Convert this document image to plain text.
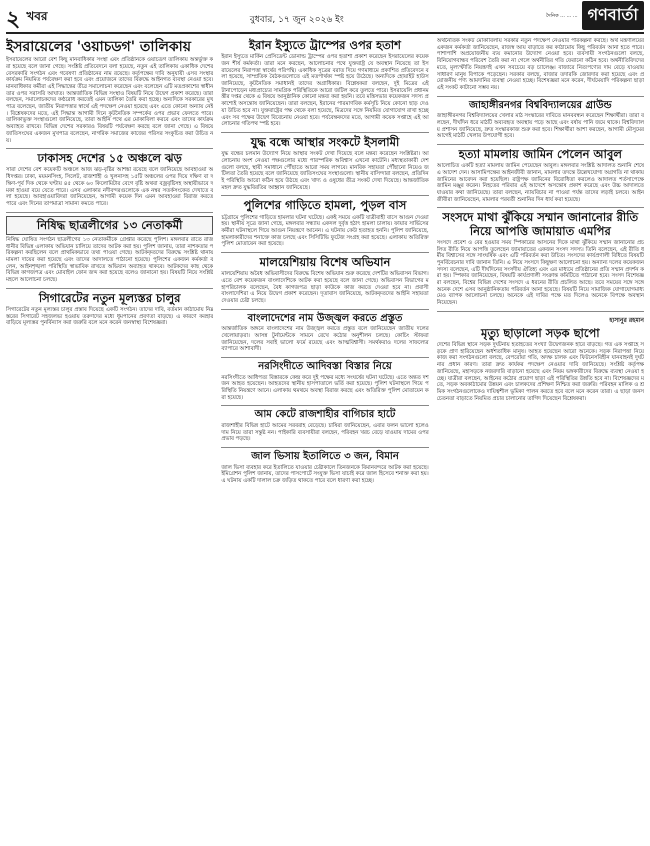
২ খবর	বুধবার, ১৭ জুন ২০২৬ ইং	দৈনিক ... ... ... গণবার্তা
ইসরায়েলের 'ওয়াচডগ' তালিকায়

ইসরায়েলের আরো বেশ কিছু মানবাধিকার সংস্থা এবং প্রতিষ্ঠানকে ওয়াচডগ তালিকায় অন্তর্ভুক্ত করা হয়েছে বলে জানা গেছে। সংশ্লিষ্ট প্রতিবেদনে বলা হয়েছে, নতুন এই তালিকায় একাধিক দেশের বেসরকারি সংগঠন এবং গবেষণা প্রতিষ্ঠানের নাম রয়েছে। কর্তৃপক্ষের দাবি অনুযায়ী এসব সংস্থার কার্যক্রম নিয়মিত পর্যবেক্ষণ করা হবে এবং প্রয়োজনে তাদের বিরুদ্ধে আইনগত ব্যবস্থা নেওয়া হবে। মানবাধিকার কর্মীরা এই সিদ্ধান্তের তীব্র সমালোচনা করেছেন এবং বলেছেন এটি মতপ্রকাশের স্বাধীনতার ওপর সরাসরি আঘাত। আন্তর্জাতিক বিভিন্ন সংস্থাও বিষয়টি নিয়ে উদ্বেগ প্রকাশ করেছে। তারা বলছেন, সমালোচকদের কণ্ঠরোধ করতেই এমন তালিকা তৈরি করা হচ্ছে। অন্যদিকে সরকারের মুখপাত্র বলেছেন, জাতীয় নিরাপত্তার স্বার্থে এই পদক্ষেপ নেওয়া হয়েছে এবং এতে কোনো অন্যায় নেই। বিশ্লেষকদের মতে, এই সিদ্ধান্ত আগামী দিনে কূটনৈতিক সম্পর্কের ওপর প্রভাব ফেলতে পারে। তালিকাভুক্ত সংস্থাগুলো জানিয়েছে, তারা আইনি পথে এর মোকাবিলা করবে এবং তাদের কার্যক্রম অব্যাহত রাখবে। বিভিন্ন দেশের সরকারও বিষয়টি পর্যবেক্ষণ করছে বলে জানা গেছে। এ বিষয়ে জাতিসংঘের একজন মুখপাত্র বলেছেন, নাগরিক সমাজের কাজের পরিসর সংকুচিত করা উচিত নয়।

ঢাকাসহ দেশের ১৫ অঞ্চলে ঝড়

সারা দেশের বেশ কয়েকটি অঞ্চলে আজ ঝড়-বৃষ্টির আশঙ্কা রয়েছে বলে জানিয়েছে আবহাওয়া অধিদপ্তর। ঢাকা, ময়মনসিংহ, সিলেট, রাজশাহী ও খুলনাসহ ১৫টি অঞ্চলের ওপর দিয়ে দক্ষিণ বা দক্ষিণ-পূর্ব দিক থেকে ঘণ্টায় ৪৫ থেকে ৬০ কিলোমিটার বেগে বৃষ্টি অথবা বজ্রবৃষ্টিসহ অস্থায়ীভাবে দমকা হাওয়া বয়ে যেতে পারে। এসব এলাকার নদীবন্দরগুলোকে এক নম্বর সতর্কসংকেত দেখাতে বলা হয়েছে। আবহাওয়াবিদরা জানিয়েছেন, আগামী কয়েক দিন এমন আবহাওয়া বিরাজ করতে পারে এবং দিনের তাপমাত্রা সামান্য কমতে পারে।

নিষিদ্ধ ছাত্রলীগের ১৩ নেতাকর্মী

নিষিদ্ধ ঘোষিত সংগঠন ছাত্রলীগের ১৩ নেতাকর্মীকে গ্রেপ্তার করেছে পুলিশ। মঙ্গলবার রাতে রাজধানীর বিভিন্ন এলাকায় অভিযান চালিয়ে তাদের আটক করা হয়। পুলিশ জানায়, তারা নাশকতার পরিকল্পনা করছিলেন বলে প্রাথমিকভাবে তথ্য পাওয়া গেছে। আটককৃতদের বিরুদ্ধে সংশ্লিষ্ট থানায় মামলা দায়ের করা হয়েছে এবং তাদের আদালতে পাঠানো হয়েছে। পুলিশের একজন কর্মকর্তা বলেন, আইনশৃঙ্খলা পরিস্থিতি স্বাভাবিক রাখতে অভিযান অব্যাহত থাকবে। আটকদের কাছ থেকে বিভিন্ন কাগজপত্র এবং মোবাইল ফোন জব্দ করা হয়েছে বলেও জানানো হয়। বিষয়টি নিয়ে সংশ্লিষ্ট মহলে আলোচনা চলছে।

সিগারেটের নতুন মূল্যস্তর চালুর

সিগারেটের নতুন মূল্যস্তর চালুর প্রস্তাব দিয়েছে একটি সংগঠন। তাদের দাবি, বর্তমান কাঠামোয় নিম্নস্তরের সিগারেট সহজলভ্য হওয়ায় তরুণদের মধ্যে ধূমপানের প্রবণতা বাড়ছে। এ কারণে করহার বাড়িয়ে মূল্যস্তর পুনর্বিন্যাস করা জরুরি বলে মনে করেন জনস্বাস্থ্য বিশেষজ্ঞরা।

ইরান ইস্যুতে ট্রাম্পের ওপর হতাশ

ইরান ইস্যুতে মার্কিন প্রেসিডেন্ট ডোনাল্ড ট্রাম্পের ওপর হতাশা প্রকাশ করেছেন ইসরায়েলের কয়েকজন শীর্ষ কর্মকর্তা। তারা মনে করছেন, আলোচনার পথে যুক্তরাষ্ট্র যে অবস্থান নিয়েছে তা ইসরায়েলের নিরাপত্তা স্বার্থের পরিপন্থি। একাধিক সূত্রের বরাত দিয়ে গণমাধ্যমে প্রকাশিত প্রতিবেদনে বলা হয়েছে, সাম্প্রতিক বৈঠকগুলোতে এই মতপার্থক্য স্পষ্ট হয়ে উঠেছে। অন্যদিকে হোয়াইট হাউস জানিয়েছে, কূটনৈতিক সমাধানই তাদের অগ্রাধিকার। বিশ্লেষকরা বলছেন, দুই মিত্রের এই টানাপোড়েন মধ্যপ্রাচ্যের সামগ্রিক পরিস্থিতিকে আরো জটিল করে তুলতে পারে। ইসরায়েলি প্রধানমন্ত্রীর দপ্তর থেকে এ বিষয়ে আনুষ্ঠানিক কোনো মন্তব্য করা হয়নি। তবে মন্ত্রিসভার কয়েকজন সদস্য প্রকাশ্যেই অসন্তোষ জানিয়েছেন। তারা বলছেন, ইরানের পারমাণবিক কর্মসূচি নিয়ে কোনো ছাড় দেওয়া উচিত হবে না। যুক্তরাষ্ট্রের পক্ষ থেকে বলা হয়েছে, মিত্রদের সঙ্গে নিয়মিত যোগাযোগ রাখা হচ্ছে এবং সব পক্ষের উদ্বেগ বিবেচনায় নেওয়া হবে। পর্যবেক্ষকদের মতে, আগামী কয়েক সপ্তাহে এই আলোচনার গতিপথ স্পষ্ট হবে।

যুদ্ধ বন্ধে আস্থার সংকটে ইসলামী

যুদ্ধ বন্ধের চলমান উদ্যোগ নিয়ে আস্থার সংকট দেখা দিয়েছে বলে মন্তব্য করেছেন সংশ্লিষ্টরা। আলোচনায় অংশ নেওয়া পক্ষগুলোর মধ্যে পারস্পরিক অবিশ্বাস এখনো কাটেনি। মধ্যস্থতাকারী দেশগুলো বলছে, স্থায়ী সমাধানে পৌঁছাতে আরো সময় লাগবে। মানবিক সহায়তা পৌঁছানো নিয়েও জটিলতা তৈরি হয়েছে বলে জানিয়েছে জাতিসংঘের সংস্থাগুলো। স্থানীয় বাসিন্দারা বলছেন, প্রতিদিনই পরিস্থিতি আরো কঠিন হয়ে উঠছে এবং খাদ্য ও ওষুধের তীব্র সংকট দেখা দিয়েছে। আন্তর্জাতিক মহল দ্রুত যুদ্ধবিরতির আহ্বান জানিয়েছে।

পুলিশের গাড়িতে হামলা, পুড়ল বাস

চট্টগ্রামে পুলিশের গাড়িতে হামলার ঘটনা ঘটেছে। একই সময়ে একটি যাত্রীবাহী বাসে আগুন দেওয়া হয়। স্থানীয় সূত্রে জানা গেছে, মঙ্গলবার সন্ধ্যায় একদল দুর্বৃত্ত হঠাৎ হামলা চালায়। ফায়ার সার্ভিসের কর্মীরা ঘটনাস্থলে গিয়ে আগুন নিয়ন্ত্রণে আনেন। এ ঘটনায় কেউ হতাহত হননি। পুলিশ জানিয়েছে, হামলাকারীদের শনাক্তে কাজ চলছে এবং সিসিটিভি ফুটেজ সংগ্রহ করা হয়েছে। এলাকায় অতিরিক্ত পুলিশ মোতায়েন করা হয়েছে।

মালয়েশিয়ায় বিশেষ অভিযান

মালয়েশিয়ায় অবৈধ অভিবাসীদের বিরুদ্ধে বিশেষ অভিযান শুরু করেছে দেশটির অভিবাসন বিভাগ। এতে বেশ কয়েকজন বাংলাদেশিকে আটক করা হয়েছে বলে জানা গেছে। অভিবাসন বিভাগের মহাপরিচালক বলেছেন, বৈধ কাগজপত্র ছাড়া কাউকে কাজ করতে দেওয়া হবে না। প্রবাসী বাংলাদেশিরা এ নিয়ে উদ্বেগ প্রকাশ করেছেন। দূতাবাস জানিয়েছে, আটককৃতদের আইনি সহায়তা দেওয়ার চেষ্টা চলছে।

বাংলাদেশের নাম উজ্জ্বল করতে প্রস্তুত

আন্তর্জাতিক অঙ্গনে বাংলাদেশের নাম উজ্জ্বল করতে প্রস্তুত বলে জানিয়েছেন জাতীয় দলের খেলোয়াড়রা। আসন্ন টুর্নামেন্টকে সামনে রেখে কঠোর অনুশীলন চলছে। কোচিং স্টাফরা জানিয়েছেন, দলের সবাই ভালো ফর্মে রয়েছে এবং আত্মবিশ্বাসী। সমর্থকরাও দলের সাফল্যের ব্যাপারে আশাবাদী।

নরসিংদীতে আদিবস্তা বিস্তার নিয়ে

নরসিংদীতে আধিপত্য বিস্তারকে কেন্দ্র করে দুই পক্ষের মধ্যে সংঘর্ষের ঘটনা ঘটেছে। এতে অন্তত দশজন আহত হয়েছেন। আহতদের স্থানীয় হাসপাতালে ভর্তি করা হয়েছে। পুলিশ ঘটনাস্থলে গিয়ে পরিস্থিতি নিয়ন্ত্রণে আনে। এলাকায় থমথমে অবস্থা বিরাজ করছে এবং অতিরিক্ত পুলিশ মোতায়েন করা হয়েছে।

আম কেটে রাজশাহীর বাগিচার হাটে

রাজশাহীর বিভিন্ন হাটে আমের সরবরাহ বেড়েছে। চাষিরা জানিয়েছেন, এবার ফলন ভালো হলেও দাম নিয়ে তারা সন্তুষ্ট নন। পাইকারি ব্যবসায়ীরা বলছেন, পরিবহন খরচ বেড়ে যাওয়ায় দামের ওপর প্রভাব পড়ছে।

জাল ভিসায় ইতালিতে ৩ জন, বিমান

জাল ভিসা ব্যবহার করে ইতালিতে যাওয়ার চেষ্টাকালে তিনজনকে বিমানবন্দরে আটক করা হয়েছে। ইমিগ্রেশন পুলিশ জানায়, তাদের পাসপোর্টে সংযুক্ত ভিসা যাচাই করে জাল হিসেবে শনাক্ত করা হয়। এ ঘটনায় একটি দালাল চক্র জড়িত থাকতে পারে বলে ধারণা করা হচ্ছে।

অর্থনৈতিক সংকট মোকাবিলায় সরকার নতুন পদক্ষেপ নেওয়ার পরিকল্পনা করছে। অর্থ মন্ত্রণালয়ের একজন কর্মকর্তা জানিয়েছেন, রাজস্ব আয় বাড়াতে কর কাঠামোয় কিছু পরিবর্তন আনা হতে পারে। পাশাপাশি অপ্রয়োজনীয় ব্যয় কমানোর উদ্যোগ নেওয়া হবে। ব্যবসায়ী সংগঠনগুলো বলছে, বিনিয়োগবান্ধব পরিবেশ তৈরি করা না গেলে অর্থনীতির গতি ফেরানো কঠিন হবে। অর্থনীতিবিদদের মতে, মূল্যস্ফীতি নিয়ন্ত্রণই এখন সবচেয়ে বড় চ্যালেঞ্জ। বাজারে নিত্যপণ্যের দাম বেড়ে যাওয়ায় সাধারণ মানুষ বিপাকে পড়েছেন। সরকার বলছে, বাজার তদারকি জোরদার করা হয়েছে এবং প্রয়োজনীয় পণ্য আমদানির ব্যবস্থা নেওয়া হচ্ছে। বিশেষজ্ঞরা মনে করেন, দীর্ঘমেয়াদি পরিকল্পনা ছাড়া এই সংকট কাটানো সম্ভব নয়।

জাহাঙ্গীরনগর বিশ্ববিদ্যালয়ের গ্রাউন্ড

জাহাঙ্গীরনগর বিশ্ববিদ্যালয়ের খেলার মাঠ সংস্কারের দাবিতে মানববন্ধন করেছেন শিক্ষার্থীরা। তারা বলছেন, দীর্ঘদিন ধরে মাঠটি অব্যবহৃত অবস্থায় পড়ে আছে এবং বর্ষায় পানি জমে থাকে। বিশ্ববিদ্যালয় প্রশাসন জানিয়েছে, দ্রুত সংস্কারকাজ শুরু করা হবে। শিক্ষার্থীরা আশা করছেন, আগামী মৌসুমের আগেই মাঠটি খেলার উপযোগী হবে।

হত্যা মামলায় জামিন পেলেন আবুল

আলোচিত একটি হত্যা মামলায় জামিন পেয়েছেন আবুল। মঙ্গলবার সংশ্লিষ্ট আদালত শুনানি শেষে এ আদেশ দেন। আসামিপক্ষের আইনজীবী জানান, মামলার তদন্তে উল্লেখযোগ্য অগ্রগতি না থাকায় জামিনের আবেদন করা হয়েছিল। রাষ্ট্রপক্ষ জামিনের বিরোধিতা করলেও আদালত শর্তসাপেক্ষে জামিন মঞ্জুর করেন। নিহতের পরিবার এই আদেশে অসন্তোষ প্রকাশ করেছে এবং উচ্চ আদালতে যাওয়ার কথা জানিয়েছে। তারা বলছেন, ন্যায়বিচার না পাওয়া পর্যন্ত তাদের লড়াই চলবে। আইনজীবীরা জানিয়েছেন, মামলার পরবর্তী শুনানির দিন ধার্য করা হয়েছে।

সংসদে মাথা ঝুঁকিয়ে সম্মান জানানোর রীতি নিয়ে আপত্তি জামায়াত এমপির

সংসদে প্রবেশ ও বের হওয়ার সময় স্পিকারের আসনের দিকে মাথা ঝুঁকিয়ে সম্মান জানানোর প্রচলিত রীতি নিয়ে আপত্তি তুলেছেন জামায়াতের একজন সংসদ সদস্য। তিনি বলেছেন, এই রীতি ধর্মীয় বিশ্বাসের সঙ্গে সাংঘর্ষিক এবং এটি পরিবর্তন করা উচিত। সংসদের কার্যপ্রণালী বিধিতে বিষয়টি পুনর্বিবেচনার দাবি জানান তিনি। এ নিয়ে সংসদে কিছুক্ষণ আলোচনা হয়। অন্যান্য দলের কয়েকজন সদস্য বলেছেন, এটি দীর্ঘদিনের সংসদীয় ঐতিহ্য এবং এর মাধ্যমে প্রতিষ্ঠানের প্রতি সম্মান প্রদর্শন করা হয়। স্পিকার জানিয়েছেন, বিষয়টি কার্যপ্রণালী সংক্রান্ত কমিটিতে পাঠানো হবে। সংসদ বিশেষজ্ঞরা বলছেন, বিশ্বের বিভিন্ন দেশের সংসদে এ ধরনের রীতি প্রচলিত আছে। তবে সময়ের সঙ্গে সঙ্গে অনেক দেশে এসব আনুষ্ঠানিকতায় পরিবর্তন আনা হয়েছে। বিষয়টি নিয়ে সামাজিক যোগাযোগমাধ্যমেও ব্যাপক আলোচনা চলছে। অনেকে এই দাবির পক্ষে মত দিলেও অনেকে বিপক্ষে অবস্থান নিয়েছেন।

হাসানুর রহমান
মৃত্যু ছাড়ালো সড়ক ছাপো

দেশের বিভিন্ন স্থানে সড়ক দুর্ঘটনায় হতাহতের সংখ্যা উদ্বেগজনক হারে বাড়ছে। গত এক সপ্তাহে সড়কে প্রাণ হারিয়েছেন অর্ধশতাধিক মানুষ। আহত হয়েছেন আরো অনেকে। সড়ক নিরাপত্তা নিয়ে কাজ করা সংগঠনগুলো বলছে, বেপরোয়া গতি, অদক্ষ চালক এবং ফিটনেসবিহীন যানবাহনই দুর্ঘটনার প্রধান কারণ। তারা দ্রুত কার্যকর পদক্ষেপ নেওয়ার দাবি জানিয়েছে। সংশ্লিষ্ট কর্তৃপক্ষ জানিয়েছে, মহাসড়কে নজরদারি বাড়ানো হয়েছে এবং নিয়ম ভঙ্গকারীদের বিরুদ্ধে ব্যবস্থা নেওয়া হচ্ছে। যাত্রীরা বলছেন, আইনের কঠোর প্রয়োগ ছাড়া এই পরিস্থিতির উন্নতি হবে না। বিশেষজ্ঞদের মতে, সড়ক অবকাঠামোর উন্নয়ন এবং চালকদের প্রশিক্ষণ নিশ্চিত করা জরুরি। পরিবহন মালিক ও শ্রমিক সংগঠনগুলোকেও দায়িত্বশীল ভূমিকা পালন করতে হবে বলে মনে করেন তারা। এ ছাড়া জনসচেতনতা বাড়াতে নিয়মিত প্রচার চালানোর তাগিদ দিয়েছেন বিশ্লেষকরা।
